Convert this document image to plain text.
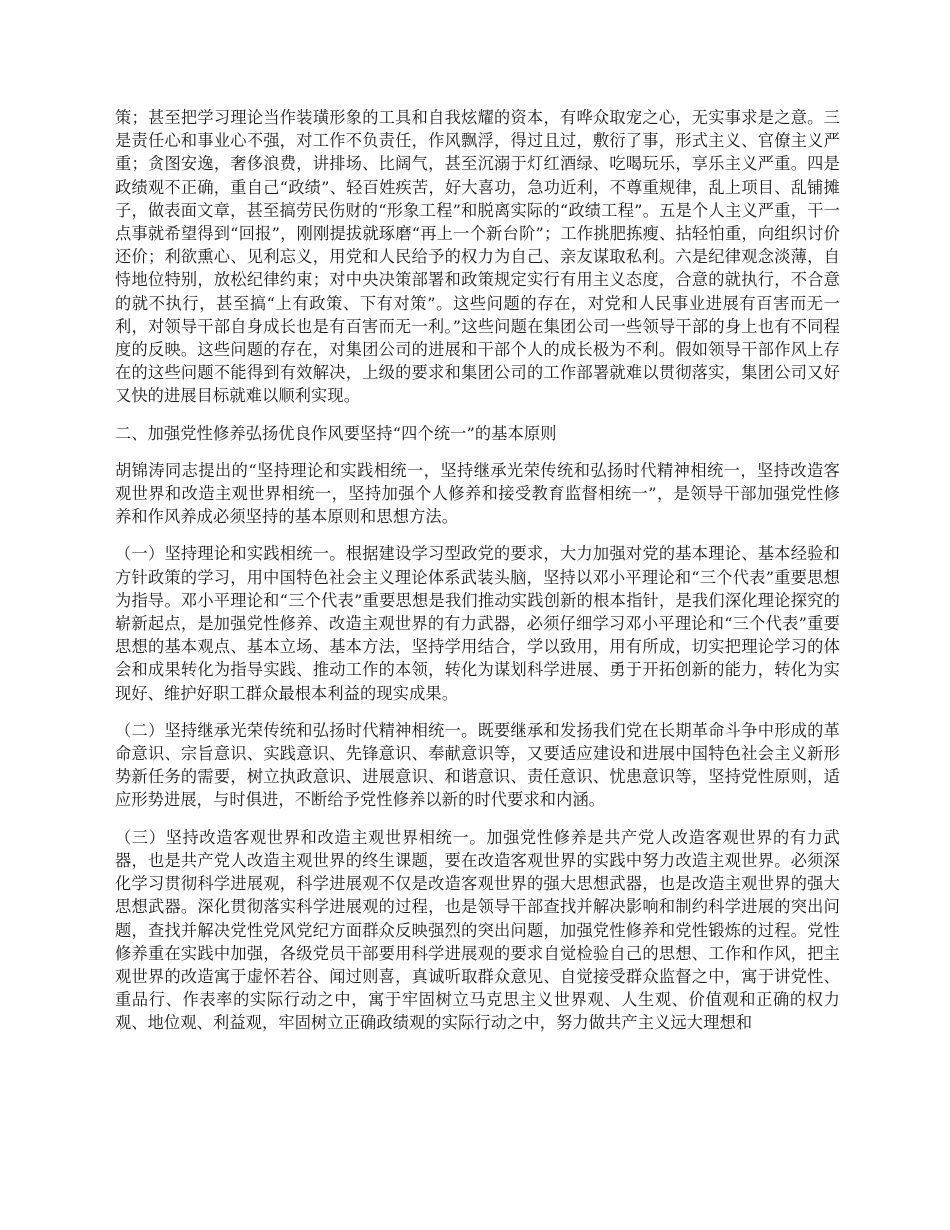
策；甚至把学习理论当作装璜形象的工具和自我炫耀的资本，有哗众取宠之心，无实事求是之意。三是责任心和事业心不强，对工作不负责任，作风飘浮，得过且过，敷衍了事，形式主义、官僚主义严重；贪图安逸，奢侈浪费，讲排场、比阔气，甚至沉溺于灯红酒绿、吃喝玩乐，享乐主义严重。四是政绩观不正确，重自己“政绩”、轻百姓疾苦，好大喜功，急功近利，不尊重规律，乱上项目、乱铺摊子，做表面文章，甚至搞劳民伤财的“形象工程”和脱离实际的“政绩工程”。五是个人主义严重，干一点事就希望得到“回报”，刚刚提拔就琢磨“再上一个新台阶”；工作挑肥拣瘦、拈轻怕重，向组织讨价还价；利欲熏心、见利忘义，用党和人民给予的权力为自己、亲友谋取私利。六是纪律观念淡薄，自恃地位特别，放松纪律约束；对中央决策部署和政策规定实行有用主义态度，合意的就执行，不合意的就不执行，甚至搞“上有政策、下有对策”。这些问题的存在，对党和人民事业进展有百害而无一利，对领导干部自身成长也是有百害而无一利。”这些问题在集团公司一些领导干部的身上也有不同程度的反映。这些问题的存在，对集团公司的进展和干部个人的成长极为不利。假如领导干部作风上存在的这些问题不能得到有效解决，上级的要求和集团公司的工作部署就难以贯彻落实，集团公司又好又快的进展目标就难以顺利实现。

二、加强党性修养弘扬优良作风要坚持“四个统一”的基本原则

胡锦涛同志提出的“坚持理论和实践相统一，坚持继承光荣传统和弘扬时代精神相统一，坚持改造客观世界和改造主观世界相统一，坚持加强个人修养和接受教育监督相统一”，是领导干部加强党性修养和作风养成必须坚持的基本原则和思想方法。

（一）坚持理论和实践相统一。根据建设学习型政党的要求，大力加强对党的基本理论、基本经验和方针政策的学习，用中国特色社会主义理论体系武装头脑，坚持以邓小平理论和“三个代表”重要思想为指导。邓小平理论和“三个代表”重要思想是我们推动实践创新的根本指针，是我们深化理论探究的崭新起点，是加强党性修养、改造主观世界的有力武器，必须仔细学习邓小平理论和“三个代表”重要思想的基本观点、基本立场、基本方法，坚持学用结合，学以致用，用有所成，切实把理论学习的体会和成果转化为指导实践、推动工作的本领，转化为谋划科学进展、勇于开拓创新的能力，转化为实现好、维护好职工群众最根本利益的现实成果。

（二）坚持继承光荣传统和弘扬时代精神相统一。既要继承和发扬我们党在长期革命斗争中形成的革命意识、宗旨意识、实践意识、先锋意识、奉献意识等，又要适应建设和进展中国特色社会主义新形势新任务的需要，树立执政意识、进展意识、和谐意识、责任意识、忧患意识等，坚持党性原则，适应形势进展，与时俱进，不断给予党性修养以新的时代要求和内涵。

（三）坚持改造客观世界和改造主观世界相统一。加强党性修养是共产党人改造客观世界的有力武器，也是共产党人改造主观世界的终生课题，要在改造客观世界的实践中努力改造主观世界。必须深化学习贯彻科学进展观，科学进展观不仅是改造客观世界的强大思想武器，也是改造主观世界的强大思想武器。深化贯彻落实科学进展观的过程，也是领导干部查找并解决影响和制约科学进展的突出问题，查找并解决党性党风党纪方面群众反映强烈的突出问题，加强党性修养和党性锻炼的过程。党性修养重在实践中加强，各级党员干部要用科学进展观的要求自觉检验自己的思想、工作和作风，把主观世界的改造寓于虚怀若谷、闻过则喜，真诚听取群众意见、自觉接受群众监督之中，寓于讲党性、重品行、作表率的实际行动之中，寓于牢固树立马克思主义世界观、人生观、价值观和正确的权力观、地位观、利益观，牢固树立正确政绩观的实际行动之中，努力做共产主义远大理想和
